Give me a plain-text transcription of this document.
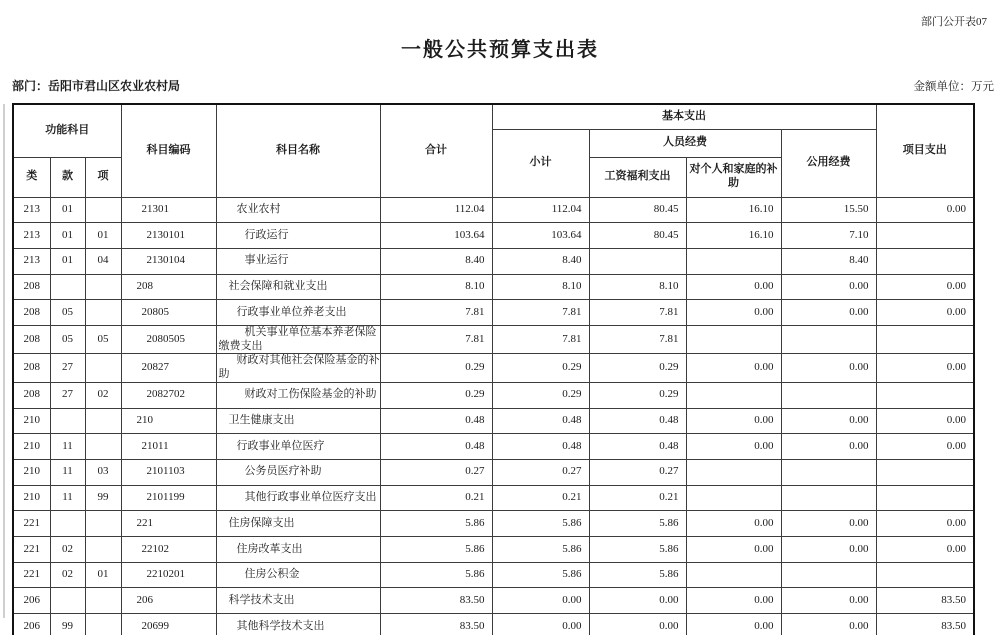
部门公开表07
一般公共预算支出表
部门：岳阳市君山区农业农村局	金额单位：万元
功能科目			科目编码	科目名称	合计	基本支出				项目支出
						小计	人员经费		公用经费	
类	款	项					工资福利支出	对个人和家庭的补助		
213	01		21301	农业农村	112.04	112.04	80.45	16.10	15.50	0.00
213	01	01	2130101	行政运行	103.64	103.64	80.45	16.10	7.10	
213	01	04	2130104	事业运行	8.40	8.40			8.40	
208			208	社会保障和就业支出	8.10	8.10	8.10	0.00	0.00	0.00
208	05		20805	行政事业单位养老支出	7.81	7.81	7.81	0.00	0.00	0.00
208	05	05	2080505	机关事业单位基本养老保险缴费支出	7.81	7.81	7.81			
208	27		20827	财政对其他社会保险基金的补助	0.29	0.29	0.29	0.00	0.00	0.00
208	27	02	2082702	财政对工伤保险基金的补助	0.29	0.29	0.29			
210			210	卫生健康支出	0.48	0.48	0.48	0.00	0.00	0.00
210	11		21011	行政事业单位医疗	0.48	0.48	0.48	0.00	0.00	0.00
210	11	03	2101103	公务员医疗补助	0.27	0.27	0.27			
210	11	99	2101199	其他行政事业单位医疗支出	0.21	0.21	0.21			
221			221	住房保障支出	5.86	5.86	5.86	0.00	0.00	0.00
221	02		22102	住房改革支出	5.86	5.86	5.86	0.00	0.00	0.00
221	02	01	2210201	住房公积金	5.86	5.86	5.86			
206			206	科学技术支出	83.50	0.00	0.00	0.00	0.00	83.50
206	99		20699	其他科学技术支出	83.50	0.00	0.00	0.00	0.00	83.50
